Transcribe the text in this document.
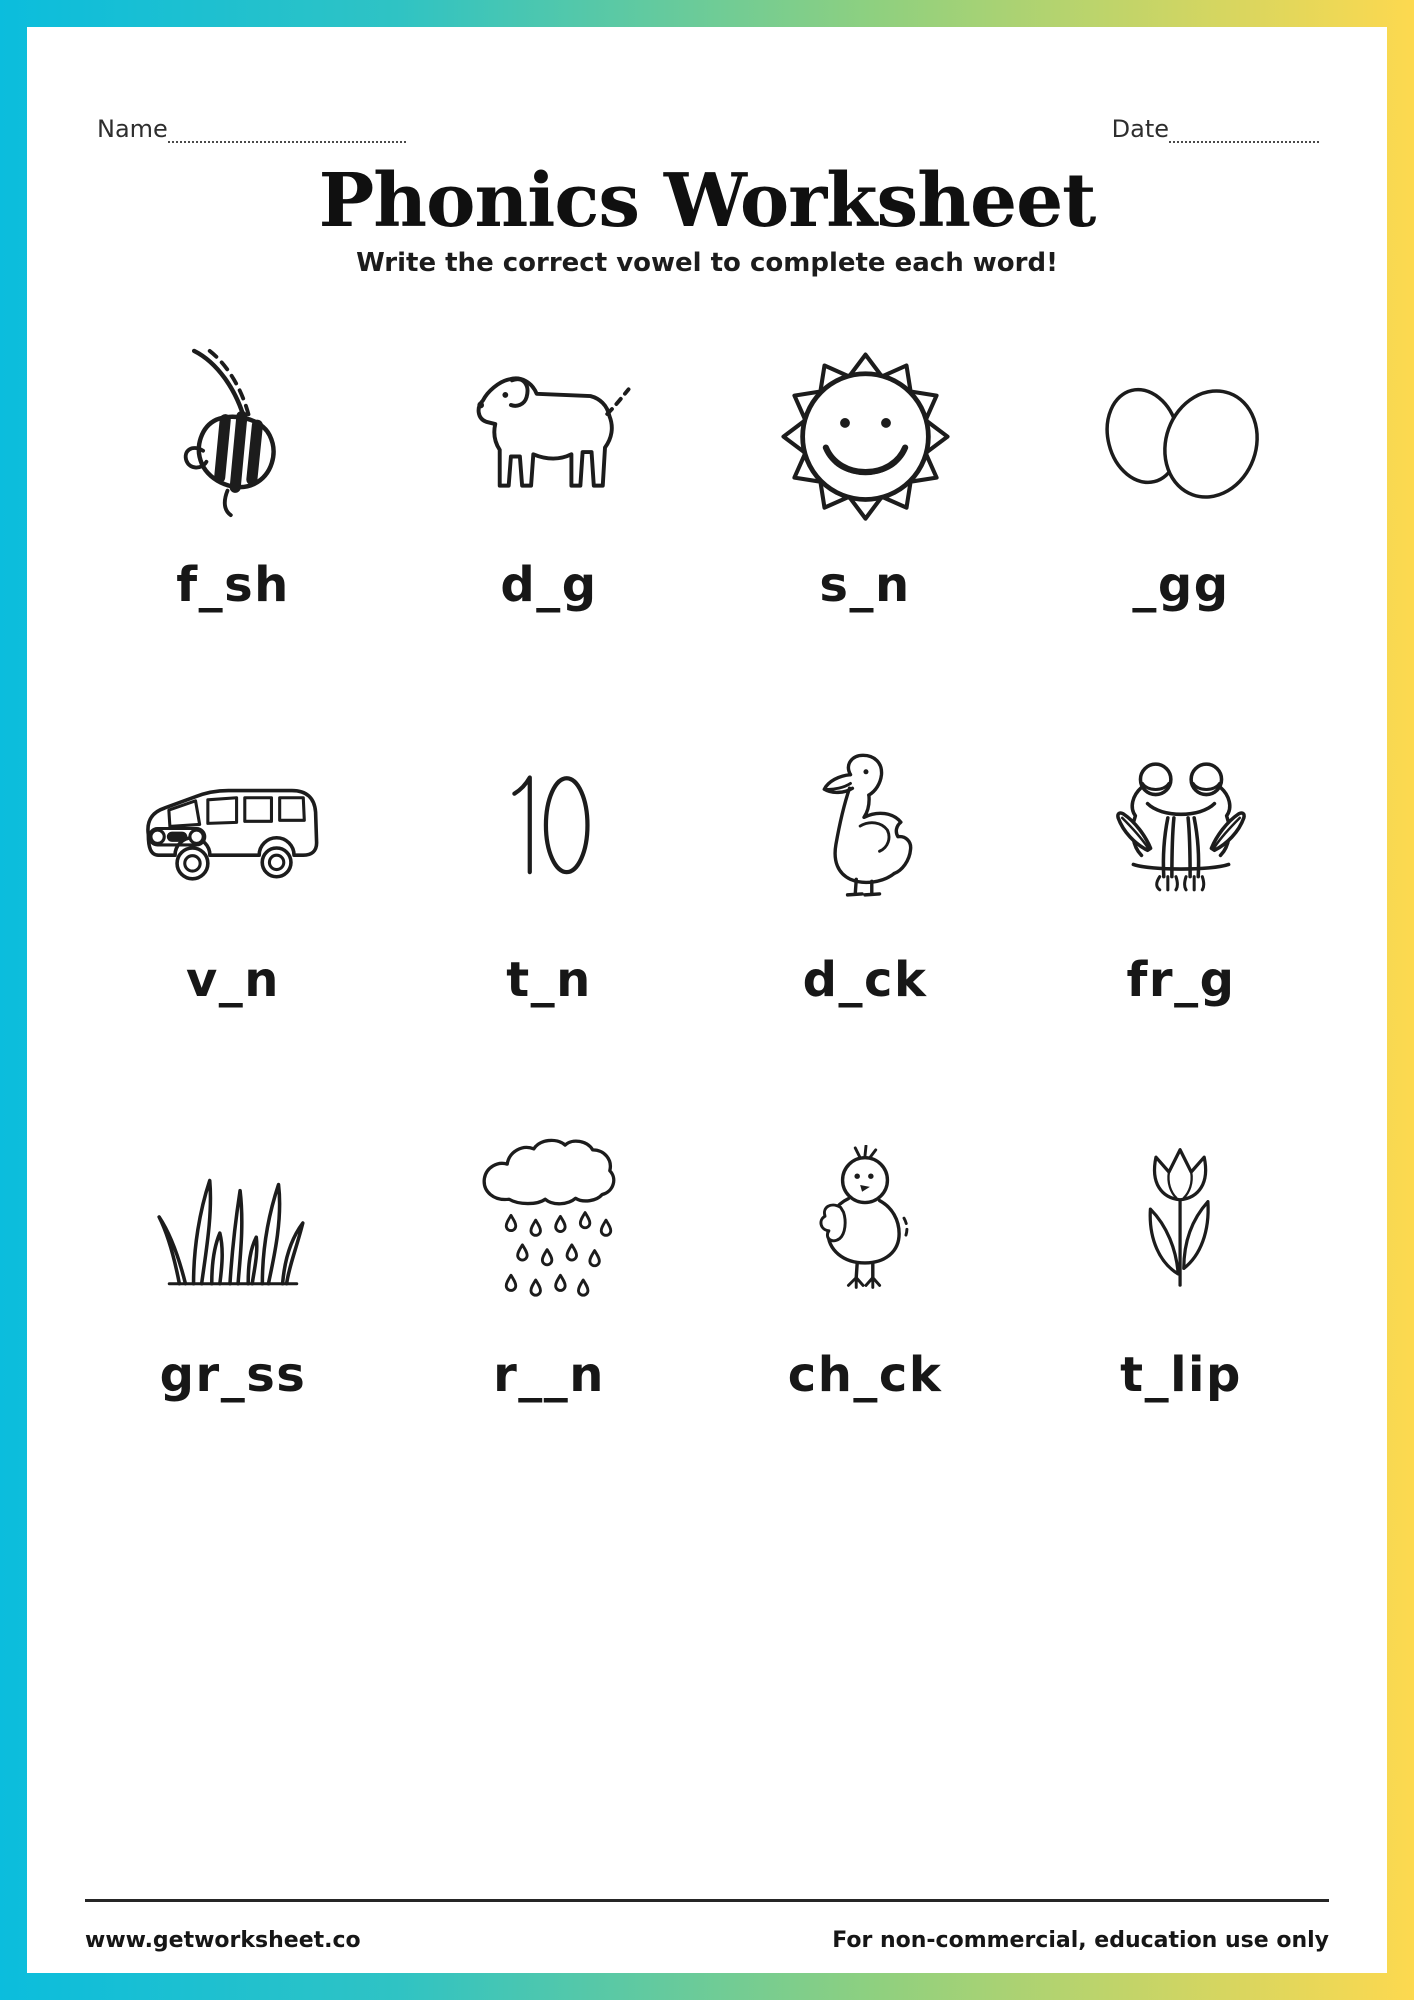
Name	Date
Phonics Worksheet
Write the correct vowel to complete each word!
f_sh	d_g	s_n	_gg
v_n	t_n	d_ck	fr_g
gr_ss	r__n	ch_ck	t_lip
www.getworksheet.co	For non-commercial, education use only
